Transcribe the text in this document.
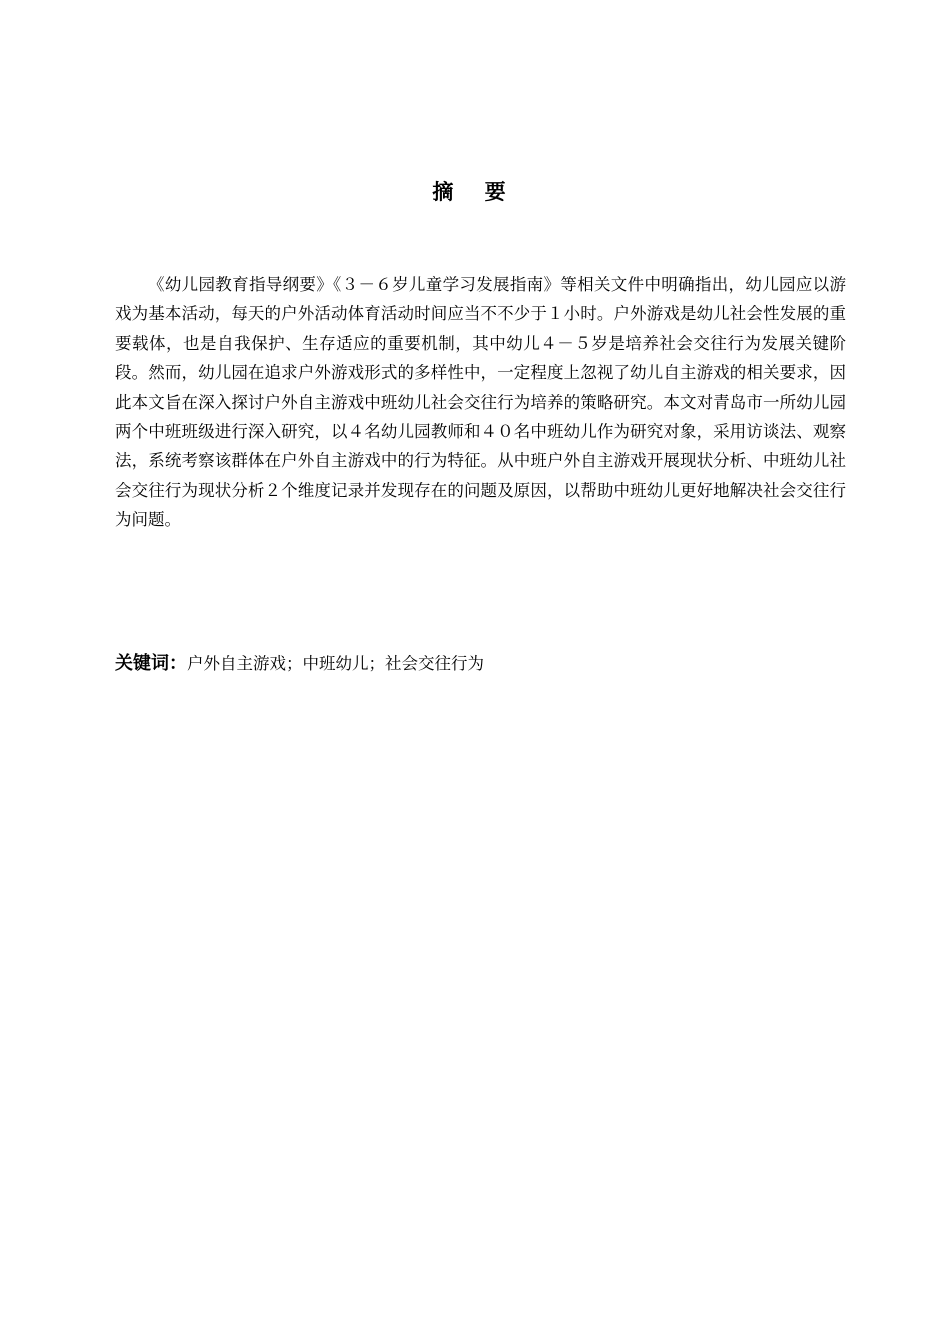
摘 要

《幼儿园教育指导纲要》《３－６岁儿童学习发展指南》等相关文件中明确指出，幼儿园应以游戏为基本活动，每天的户外活动体育活动时间应当不不少于１小时。户外游戏是幼儿社会性发展的重要载体，也是自我保护、生存适应的重要机制，其中幼儿４－５岁是培养社会交往行为发展关键阶段。然而，幼儿园在追求户外游戏形式的多样性中，一定程度上忽视了幼儿自主游戏的相关要求，因此本文旨在深入探讨户外自主游戏中班幼儿社会交往行为培养的策略研究。本文对青岛市一所幼儿园两个中班班级进行深入研究，以４名幼儿园教师和４０名中班幼儿作为研究对象，采用访谈法、观察法，系统考察该群体在户外自主游戏中的行为特征。从中班户外自主游戏开展现状分析、中班幼儿社会交往行为现状分析２个维度记录并发现存在的问题及原因，以帮助中班幼儿更好地解决社会交往行为问题。

关键词：户外自主游戏；中班幼儿；社会交往行为
